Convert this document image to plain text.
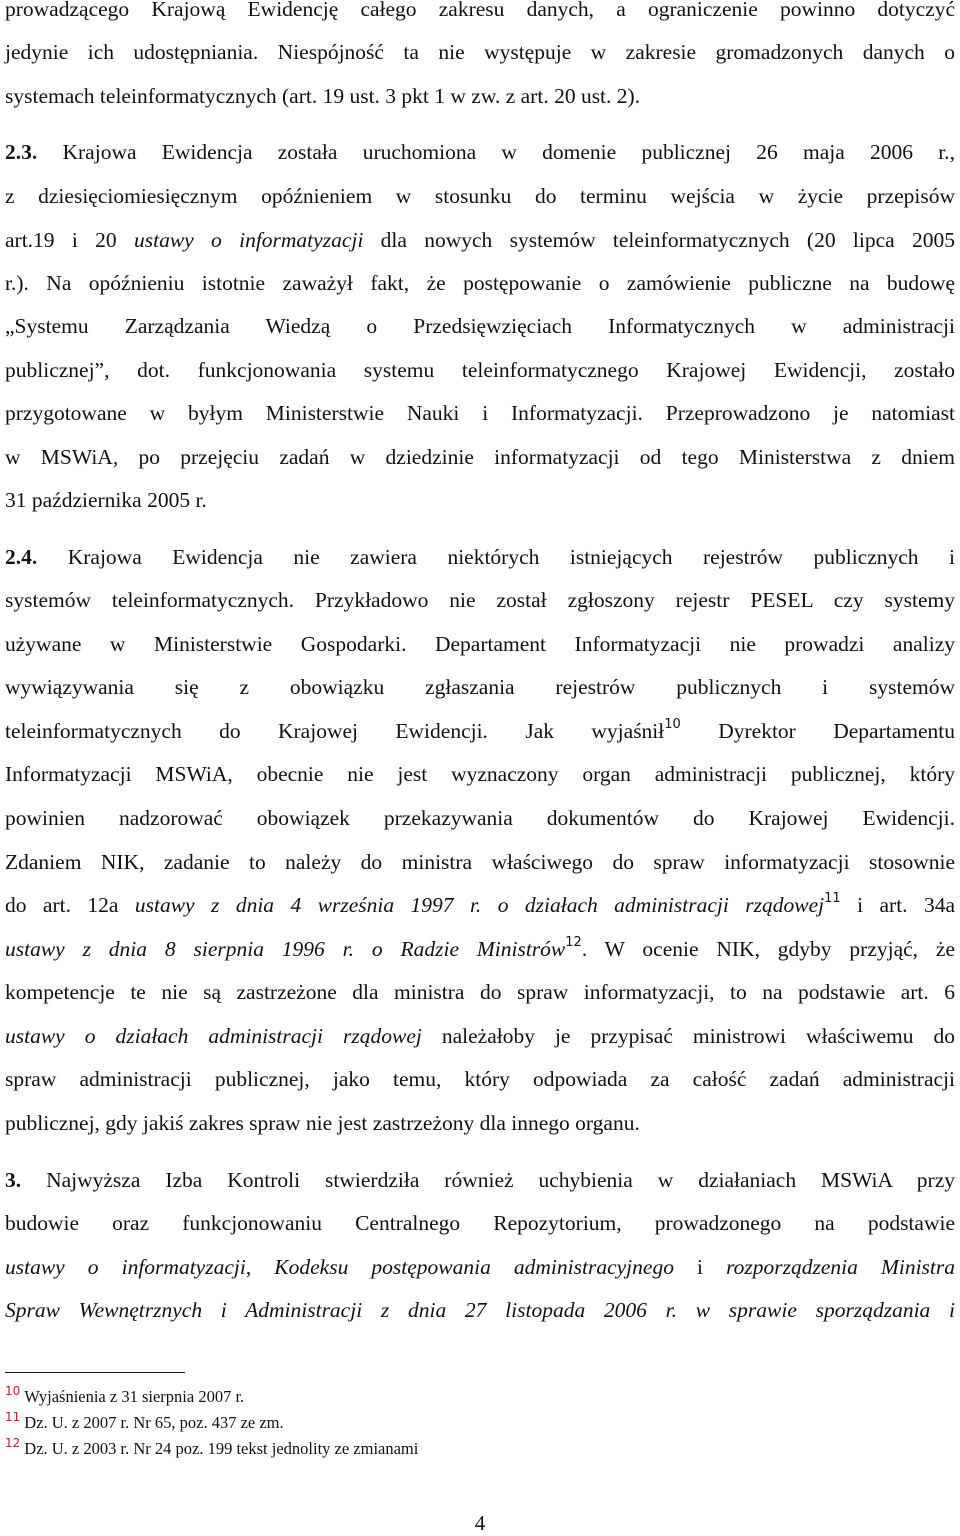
prowadzącego Krajową Ewidencję całego zakresu danych, a ograniczenie powinno dotyczyć
jedynie ich udostępniania. Niespójność ta nie występuje w zakresie gromadzonych danych o
systemach teleinformatycznych (art. 19 ust. 3 pkt 1 w zw. z art. 20 ust. 2).
2.3. Krajowa Ewidencja została uruchomiona w domenie publicznej 26 maja 2006 r.,
z dziesięciomiesięcznym opóźnieniem w stosunku do terminu wejścia w życie przepisów
art.19 i 20 ustawy o informatyzacji dla nowych systemów teleinformatycznych (20 lipca 2005
r.). Na opóźnieniu istotnie zaważył fakt, że postępowanie o zamówienie publiczne na budowę
„Systemu Zarządzania Wiedzą o Przedsięwzięciach Informatycznych w administracji
publicznej”, dot. funkcjonowania systemu teleinformatycznego Krajowej Ewidencji, zostało
przygotowane w byłym Ministerstwie Nauki i Informatyzacji. Przeprowadzono je natomiast
w MSWiA, po przejęciu zadań w dziedzinie informatyzacji od tego Ministerstwa z dniem
31 października 2005 r.
2.4. Krajowa Ewidencja nie zawiera niektórych istniejących rejestrów publicznych i
systemów teleinformatycznych. Przykładowo nie został zgłoszony rejestr PESEL czy systemy
używane w Ministerstwie Gospodarki. Departament Informatyzacji nie prowadzi analizy
wywiązywania się z obowiązku zgłaszania rejestrów publicznych i systemów
teleinformatycznych do Krajowej Ewidencji. Jak wyjaśnił$^{10}$ Dyrektor Departamentu
Informatyzacji MSWiA, obecnie nie jest wyznaczony organ administracji publicznej, który
powinien nadzorować obowiązek przekazywania dokumentów do Krajowej Ewidencji.
Zdaniem NIK, zadanie to należy do ministra właściwego do spraw informatyzacji stosownie
do art. 12a ustawy z dnia 4 września 1997 r. o działach administracji rządowej$^{11}$ i art. 34a
ustawy z dnia 8 sierpnia 1996 r. o Radzie Ministrów$^{12}$. W ocenie NIK, gdyby przyjąć, że
kompetencje te nie są zastrzeżone dla ministra do spraw informatyzacji, to na podstawie art. 6
ustawy o działach administracji rządowej należałoby je przypisać ministrowi właściwemu do
spraw administracji publicznej, jako temu, który odpowiada za całość zadań administracji
publicznej, gdy jakiś zakres spraw nie jest zastrzeżony dla innego organu.
3. Najwyższa Izba Kontroli stwierdziła również uchybienia w działaniach MSWiA przy
budowie oraz funkcjonowaniu Centralnego Repozytorium, prowadzonego na podstawie
ustawy o informatyzacji, Kodeksu postępowania administracyjnego i rozporządzenia Ministra
Spraw Wewnętrznych i Administracji z dnia 27 listopada 2006 r. w sprawie sporządzania i
$^{10}$ Wyjaśnienia z 31 sierpnia 2007 r.
$^{11}$ Dz. U. z 2007 r. Nr 65, poz. 437 ze zm.
$^{12}$ Dz. U. z 2003 r. Nr 24 poz. 199 tekst jednolity ze zmianami
4
